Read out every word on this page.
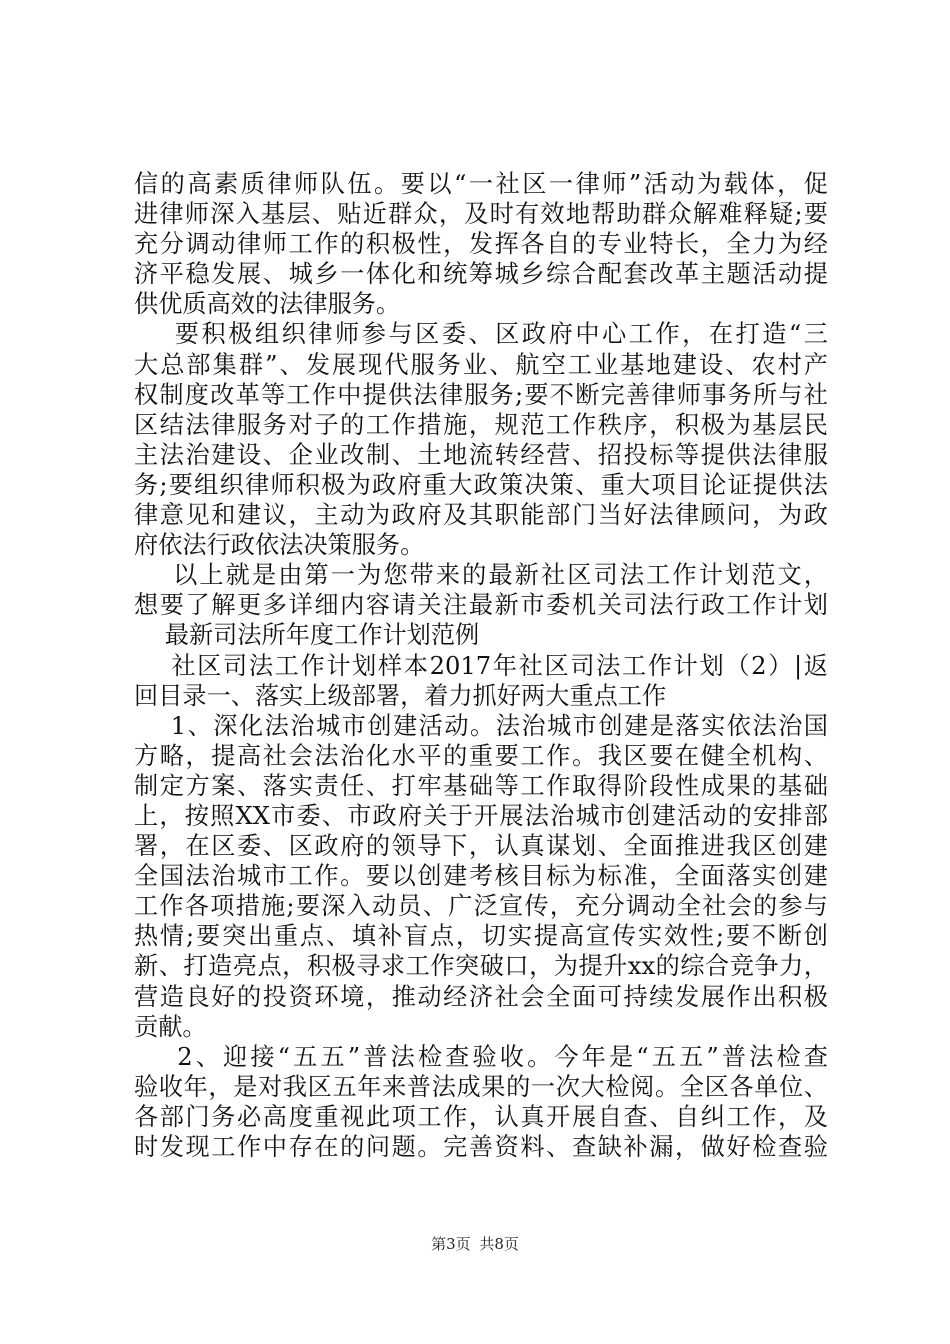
信的高素质律师队伍。要以“一社区一律师”活动为载体，促
进律师深入基层、贴近群众，及时有效地帮助群众解难释疑;要
充分调动律师工作的积极性，发挥各自的专业特长，全力为经
济平稳发展、城乡一体化和统筹城乡综合配套改革主题活动提
供优质高效的法律服务。
要积极组织律师参与区委、区政府中心工作，在打造“三
大总部集群”、发展现代服务业、航空工业基地建设、农村产
权制度改革等工作中提供法律服务;要不断完善律师事务所与社
区结法律服务对子的工作措施，规范工作秩序，积极为基层民
主法治建设、企业改制、土地流转经营、招投标等提供法律服
务;要组织律师积极为政府重大政策决策、重大项目论证提供法
律意见和建议，主动为政府及其职能部门当好法律顾问，为政
府依法行政依法决策服务。
以上就是由第一为您带来的最新社区司法工作计划范文，
想要了解更多详细内容请关注最新市委机关司法行政工作计划
最新司法所年度工作计划范例
社区司法工作计划样本2017年社区司法工作计划（2）|返
回目录一、落实上级部署，着力抓好两大重点工作
1、深化法治城市创建活动。法治城市创建是落实依法治国
方略，提高社会法治化水平的重要工作。我区要在健全机构、
制定方案、落实责任、打牢基础等工作取得阶段性成果的基础
上，按照XX市委、市政府关于开展法治城市创建活动的安排部
署，在区委、区政府的领导下，认真谋划、全面推进我区创建
全国法治城市工作。要以创建考核目标为标准，全面落实创建
工作各项措施;要深入动员、广泛宣传，充分调动全社会的参与
热情;要突出重点、填补盲点，切实提高宣传实效性;要不断创
新、打造亮点，积极寻求工作突破口，为提升xx的综合竞争力，
营造良好的投资环境，推动经济社会全面可持续发展作出积极
贡献。
2、迎接“五五”普法检查验收。今年是“五五”普法检查
验收年，是对我区五年来普法成果的一次大检阅。全区各单位、
各部门务必高度重视此项工作，认真开展自查、自纠工作，及
时发现工作中存在的问题。完善资料、查缺补漏，做好检查验
第3页 共8页
